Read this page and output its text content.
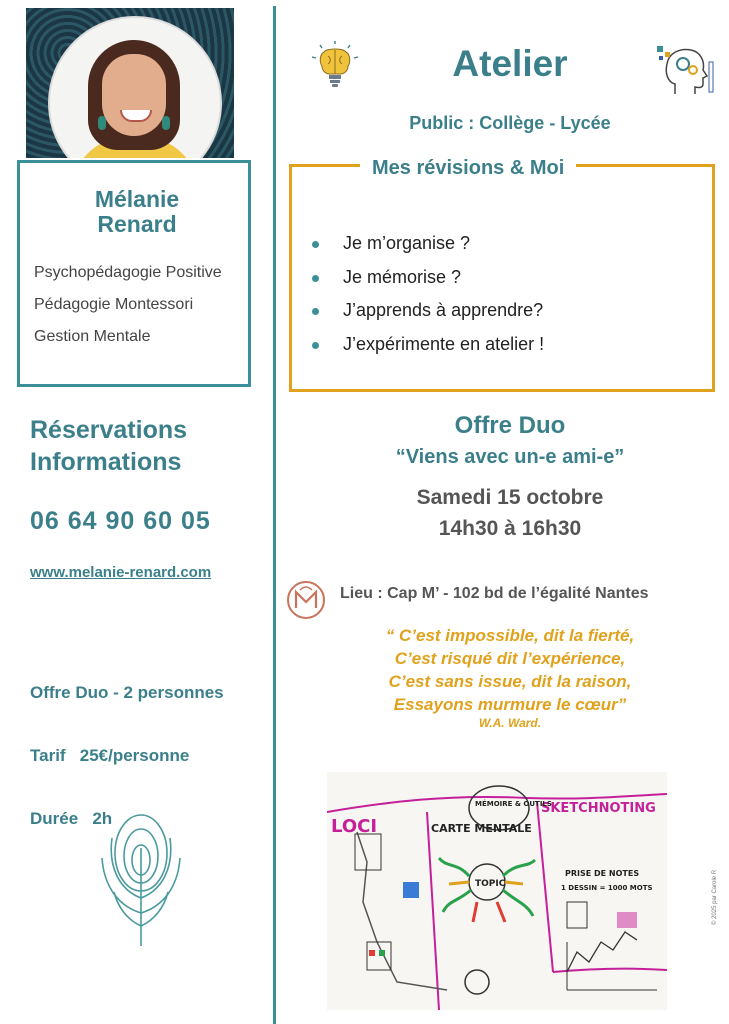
Mélanie
Renard
Psychopédagogie Positive
Pédagogie Montessori
Gestion Mentale
Réservations
Informations
06 64 90 60 05
www.melanie-renard.com

Offre Duo - 2 personnes

Tarif   25€/personne

Durée   2h

Atelier
Public : Collège - Lycée
Mes révisions & Moi
Je m’organise ?
Je mémorise ?
J’apprends à apprendre?
J’expérimente en atelier !
Offre Duo
“Viens avec un-e ami-e”
Samedi 15 octobre
14h30 à 16h30
Lieu : Cap M’ - 102 bd de l’égalité Nantes
“ C’est impossible, dit la fierté,
C’est risqué dit l’expérience,
C’est sans issue, dit la raison,
Essayons murmure le cœur”
W.A. Ward.
LOCI	CARTE MENTALE
SKETCHNOTING
MÉMOIRE & OUTILS
TOPIC
PRISE DE NOTES
1 DESSIN = 1000 MOTS	© 2025 par Carole R
